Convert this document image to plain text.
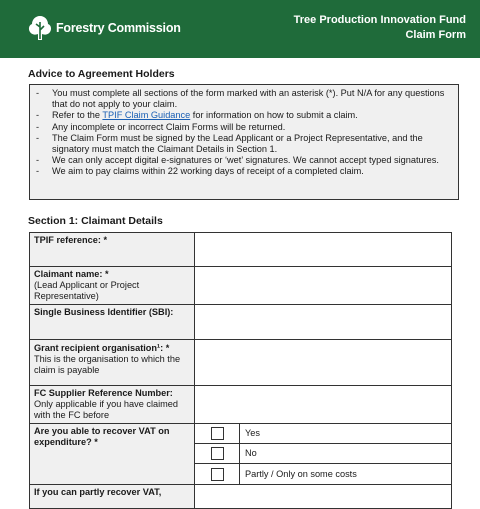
Forestry Commission
Tree Production Innovation Fund
Claim Form
Advice to Agreement Holders
- You must complete all sections of the form marked with an asterisk (*). Put N/A for any questions that do not apply to your claim.
- Refer to the TPIF Claim Guidance for information on how to submit a claim.
- Any incomplete or incorrect Claim Forms will be returned.
- The Claim Form must be signed by the Lead Applicant or a Project Representative, and the signatory must match the Claimant Details in Section 1.
- We can only accept digital e-signatures or ‘wet’ signatures. We cannot accept typed signatures.
- We aim to pay claims within 22 working days of receipt of a completed claim.
Section 1: Claimant Details
TPIF reference: *		

Claimant name: *
(Lead Applicant or Project Representative)		

Single Business Identifier (SBI):		

Grant recipient organisation¹: *
This is the organisation to which the claim is payable		

FC Supplier Reference Number:
Only applicable if you have claimed with the FC before		

Are you able to recover VAT on expenditure? *		Yes
		No
		Partly / Only on some costs

If you can partly recover VAT,		
